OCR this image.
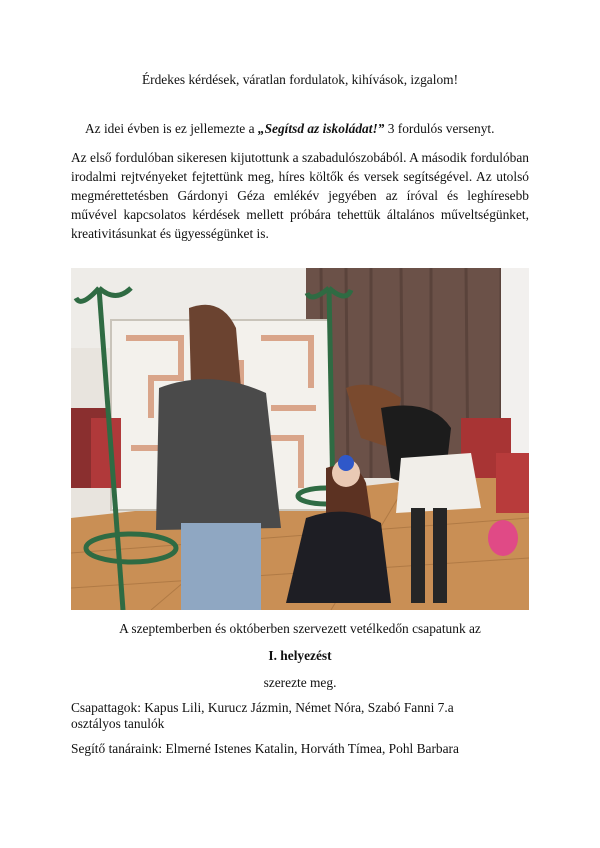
Érdekes kérdések, váratlan fordulatok, kihívások, izgalom!
Az idei évben is ez jellemezte a „Segítsd az iskoládat!” 3 fordulós versenyt.
Az első fordulóban sikeresen kijutottunk a szabadulószobából. A második fordulóban irodalmi rejtvényeket fejtettünk meg, híres költők és versek segítségével. Az utolsó megmérettetésben Gárdonyi Géza emlékév jegyében az íróval és leghíresebb művével kapcsolatos kérdések mellett próbára tehettük általános műveltségünket, kreativitásunkat és ügyességünket is.
A szeptemberben és októberben szervezett vetélkedőn csapatunk az
I. helyezést
szerezte meg.
Csapattagok: Kapus Lili, Kurucz Jázmin, Német Nóra, Szabó Fanni 7.a
osztályos tanulók
Segítő tanáraink: Elmerné Istenes Katalin, Horváth Tímea, Pohl Barbara
